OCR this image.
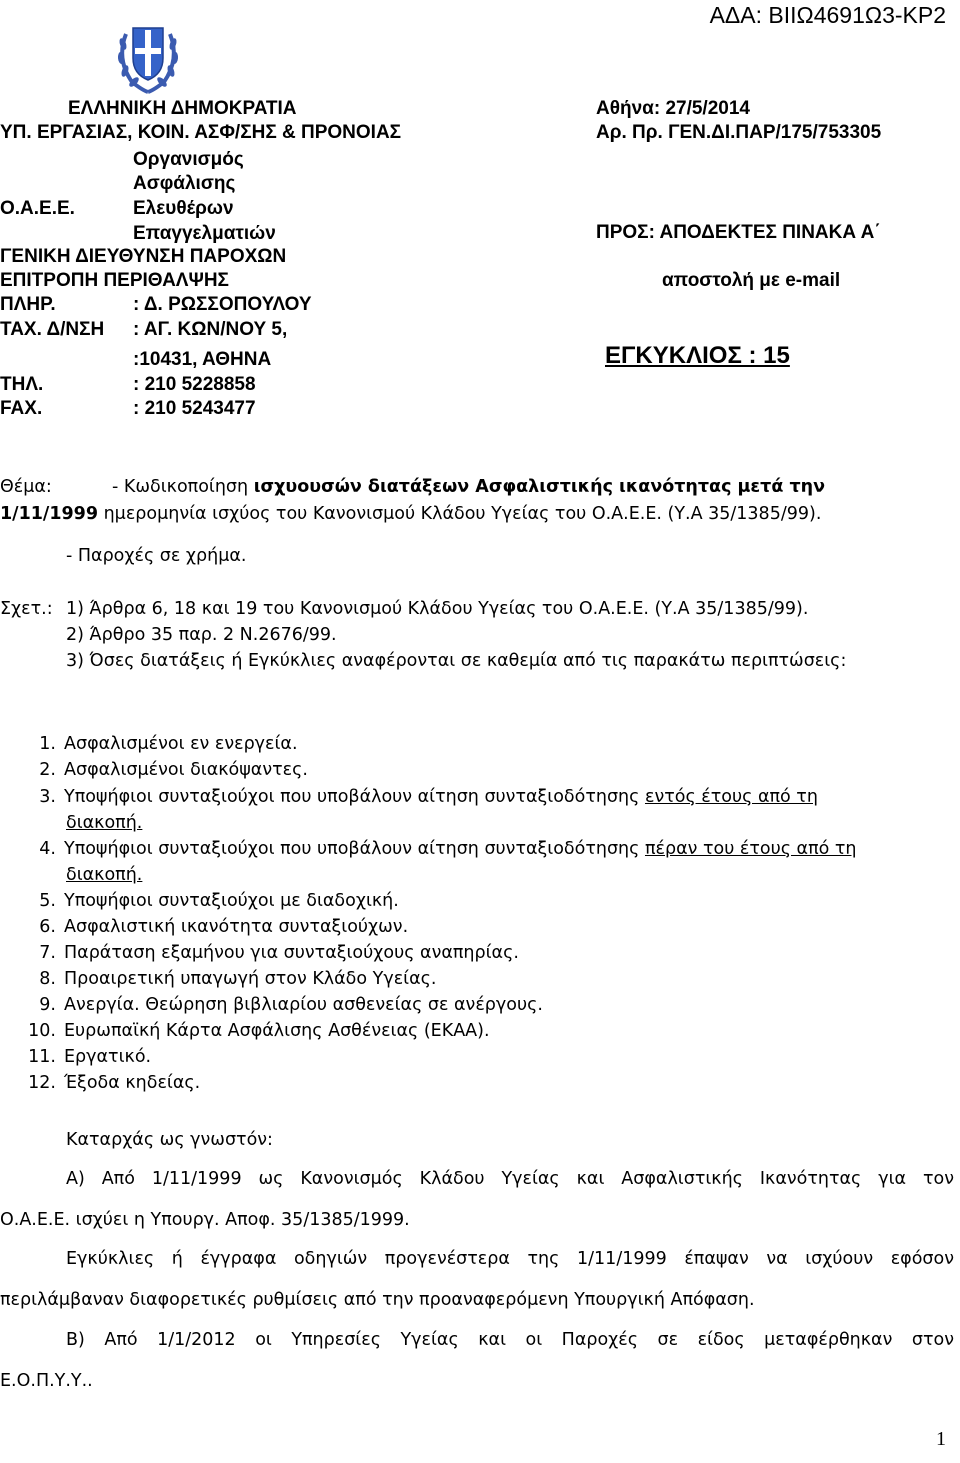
ΑΔΑ: ΒΙΙΩ4691Ω3-ΚΡ2
ΕΛΛΗΝΙΚΗ ΔΗΜΟΚΡΑΤΙΑ
ΥΠ. ΕΡΓΑΣΙΑΣ, ΚΟΙΝ. ΑΣΦ/ΣΗΣ & ΠΡΟΝΟΙΑΣ
Οργανισμός
Ασφάλισης
Ο.Α.Ε.Ε.	Ελευθέρων
Επαγγελματιών
ΓΕΝΙΚΗ ΔΙΕΥΘΥΝΣΗ ΠΑΡΟΧΩΝ
ΕΠΙΤΡΟΠΗ ΠΕΡΙΘΑΛΨΗΣ
ΠΛΗΡ.	: Δ. ΡΩΣΣΟΠΟΥΛΟΥ
ΤΑΧ. Δ/ΝΣΗ : ΑΓ. ΚΩΝ/ΝΟΥ 5,
:10431, ΑΘΗΝΑ
ΤΗΛ.	: 210 5228858
FAX.	: 210 5243477
Αθήνα: 27/5/2014
Αρ. Πρ. ΓΕΝ.ΔΙ.ΠΑΡ/175/753305
ΠΡΟΣ: ΑΠΟΔΕΚΤΕΣ ΠΙΝΑΚΑ Α΄
αποστολή με e-mail
ΕΓΚΥΚΛΙΟΣ : 15
Θέμα:	- Κωδικοποίηση ισχυουσών διατάξεων Ασφαλιστικής ικανότητας μετά την
1/11/1999 ημερομηνία ισχύος του Κανονισμού Κλάδου Υγείας του Ο.Α.Ε.Ε. (Υ.Α 35/1385/99).
- Παροχές σε χρήμα.
Σχετ.: 1) Άρθρα 6, 18 και 19 του Κανονισμού Κλάδου Υγείας του Ο.Α.Ε.Ε. (Υ.Α 35/1385/99).
2) Άρθρο 35 παρ. 2 Ν.2676/99.
3) Όσες διατάξεις ή Εγκύκλιες αναφέρονται σε καθεμία από τις παρακάτω περιπτώσεις:
1. Ασφαλισμένοι εν ενεργεία.
2. Ασφαλισμένοι διακόψαντες.
3. Υποψήφιοι συνταξιούχοι που υποβάλουν αίτηση συνταξιοδότησης εντός έτους από τη
διακοπή.
4. Υποψήφιοι συνταξιούχοι που υποβάλουν αίτηση συνταξιοδότησης πέραν του έτους από τη
διακοπή.
5. Υποψήφιοι συνταξιούχοι με διαδοχική.
6. Ασφαλιστική ικανότητα συνταξιούχων.
7. Παράταση εξαμήνου για συνταξιούχους αναπηρίας.
8. Προαιρετική υπαγωγή στον Κλάδο Υγείας.
9. Ανεργία. Θεώρηση βιβλιαρίου ασθενείας σε ανέργους.
10. Ευρωπαϊκή Κάρτα Ασφάλισης Ασθένειας (ΕΚΑΑ).
11. Εργατικό.
12. Έξοδα κηδείας.
Καταρχάς ως γνωστόν:
Α) Από 1/11/1999 ως Κανονισμός Κλάδου Υγείας και Ασφαλιστικής Ικανότητας για τον
Ο.Α.Ε.Ε. ισχύει η Υπουργ. Αποφ. 35/1385/1999.
Εγκύκλιες ή έγγραφα οδηγιών προγενέστερα της 1/11/1999 έπαψαν να ισχύουν εφόσον
περιλάμβαναν διαφορετικές ρυθμίσεις από την προαναφερόμενη Υπουργική Απόφαση.
Β) Από 1/1/2012 οι Υπηρεσίες Υγείας και οι Παροχές σε είδος μεταφέρθηκαν στον
Ε.Ο.Π.Υ.Υ..
1
